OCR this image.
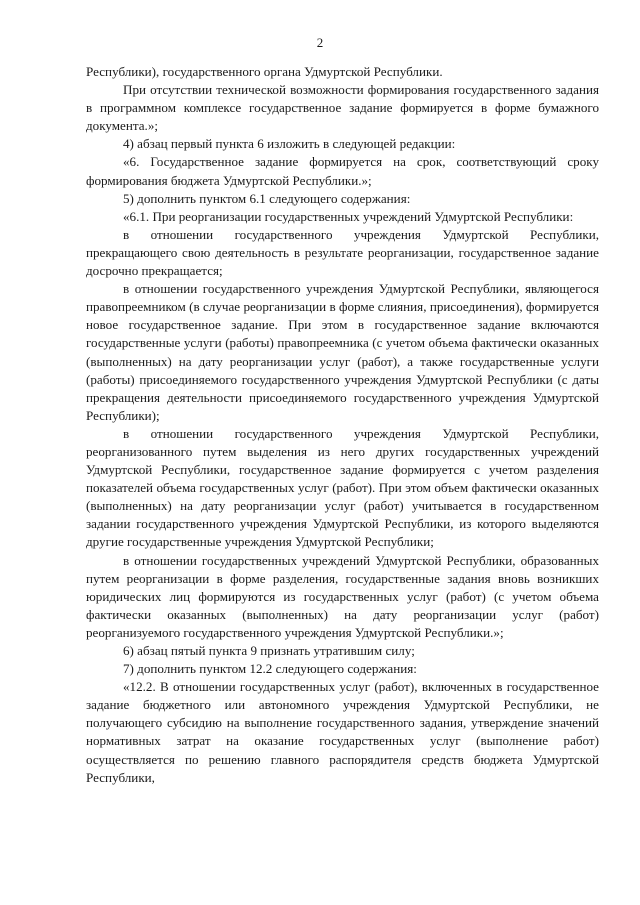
2

Республики), государственного органа Удмуртской Республики.

При отсутствии технической возможности формирования государственного задания в программном комплексе государственное задание формируется в форме бумажного документа.»;

4) абзац первый пункта 6 изложить в следующей редакции:

«6. Государственное задание формируется на срок, соответствующий сроку формирования бюджета Удмуртской Республики.»;

5) дополнить пунктом 6.1 следующего содержания:

«6.1. При реорганизации государственных учреждений Удмуртской Республики:

в отношении государственного учреждения Удмуртской Республики, прекращающего свою деятельность в результате реорганизации, государственное задание досрочно прекращается;

в отношении государственного учреждения Удмуртской Республики, являющегося правопреемником (в случае реорганизации в форме слияния, присоединения), формируется новое государственное задание. При этом в государственное задание включаются государственные услуги (работы) правопреемника (с учетом объема фактически оказанных (выполненных) на дату реорганизации услуг (работ), а также государственные услуги (работы) присоединяемого государственного учреждения Удмуртской Республики (с даты прекращения деятельности присоединяемого государственного учреждения Удмуртской Республики);

в отношении государственного учреждения Удмуртской Республики, реорганизованного путем выделения из него других государственных учреждений Удмуртской Республики, государственное задание формируется с учетом разделения показателей объема государственных услуг (работ). При этом объем фактически оказанных (выполненных) на дату реорганизации услуг (работ) учитывается в государственном задании государственного учреждения Удмуртской Республики, из которого выделяются другие государственные учреждения Удмуртской Республики;

в отношении государственных учреждений Удмуртской Республики, образованных путем реорганизации в форме разделения, государственные задания вновь возникших юридических лиц формируются из государственных услуг (работ) (с учетом объема фактически оказанных (выполненных) на дату реорганизации услуг (работ) реорганизуемого государственного учреждения Удмуртской Республики.»;

6) абзац пятый пункта 9 признать утратившим силу;

7) дополнить пунктом 12.2 следующего содержания:

«12.2. В отношении государственных услуг (работ), включенных в государственное задание бюджетного или автономного учреждения Удмуртской Республики, не получающего субсидию на выполнение государственного задания, утверждение значений нормативных затрат на оказание государственных услуг (выполнение работ) осуществляется по решению главного распорядителя средств бюджета Удмуртской Республики,
